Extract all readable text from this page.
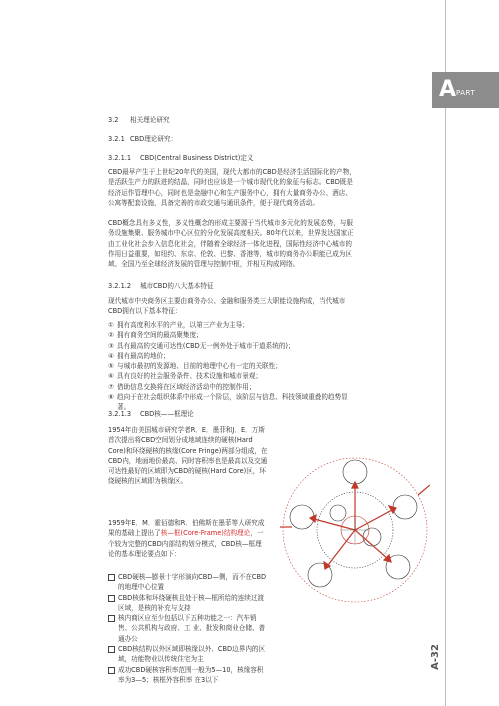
A PART
3.2 相关理论研究
3.2.1 CBD理论研究：
3.2.1.1 CBD(Central Business District)定义
CBD最早产生于上世纪20年代的美国，现代大都市的CBD是经济生活国际化的产物，是活跃生产力的跃进的结晶，同时也应该是一个城市现代化的象征与标志。CBD既是经济运作管理中心，同时也是金融中心和生产服务中心，拥有大量商务办公、酒店、公寓等配套设施，具备完善的市政交通与通讯条件，便于现代商务活动。
CBD概念具有多义性，多义性概念的形成主要源于当代城市多元化的发展态势，与服务设施集聚、服务城市中心区位的分化发展高度相关。80年代以来，世界发达国家正由工业化社会步入信息化社会，伴随着全球经济一体化进程，国际性经济中心城市的作用日益重要，如纽约、东京、伦敦、巴黎、香港等，城市的商务办公职能已成为区域、全国乃至全球经济发展的管理与控制中枢，并相互构成网络。
3.2.1.2 城市CBD的八大基本特征
现代城市中央商务区主要由商务办公、金融和服务类三大职能设施构成，当代城市CBD拥有以下基本特征：
① 拥有高度利水平的产业，以第三产业为主导；
② 拥有商务空间的最高聚集度；
③ 具有最高的交通可达性(CBD无一例外处于城市干道系统的)；
④ 拥有最高的地价；
⑤ 与城市最初的发源地、目前的地理中心有一定的关联性；
⑥ 具有良好的社会服务条件、技术设施和城市景观；
⑦ 借助信息交换将在区域经济活动中的控制作用；
⑧ 趋向于在社会组织体系中形成一个阶层，该阶层与信息、科技领域重叠的趋势显著。
3.2.1.3 CBD核——框理论
1954年由美国城市研究学者R．E．墨菲和J．E．万斯首次提出将CBD空间划分成地域连续的硬核(Hard Core)和环绕硬核的核缘(Core Fringe)两部分组成，在CBD内，地面地价最高、同时容积率也是最高以及交通可达性最好的区域即为CBD的硬核(Hard Core)区，环绕硬核的区域即为核缘区。
1959年E．M．霍佰德和R．伯佛斯在墨菲等人研究成果的基础上提出了核—框(Core-Frame)结构理论，一个较为完整的CBD内部结构划分模式，CBD核—框理论的基本理论要点如下：
CBD硬核—膨景十字形演向CBD—侧，而不在CBD的地理中心位置
CBD核体和环绕硬核且处于核—框所给的连续过渡区域，是核的补充与支持
核内商区应至少包括以下五种功能之一：汽车销售、公共机构与政府、工 业、批发和商业仓储、普通办公
CBD核结构以外区域即核缘以外、CBD边界内的区域，功能物业以传统住宅为主
成功CBD硬核容积率范围一般为5—10，核缘容积率为3—5；核框外容积率 在3以下
A-32
